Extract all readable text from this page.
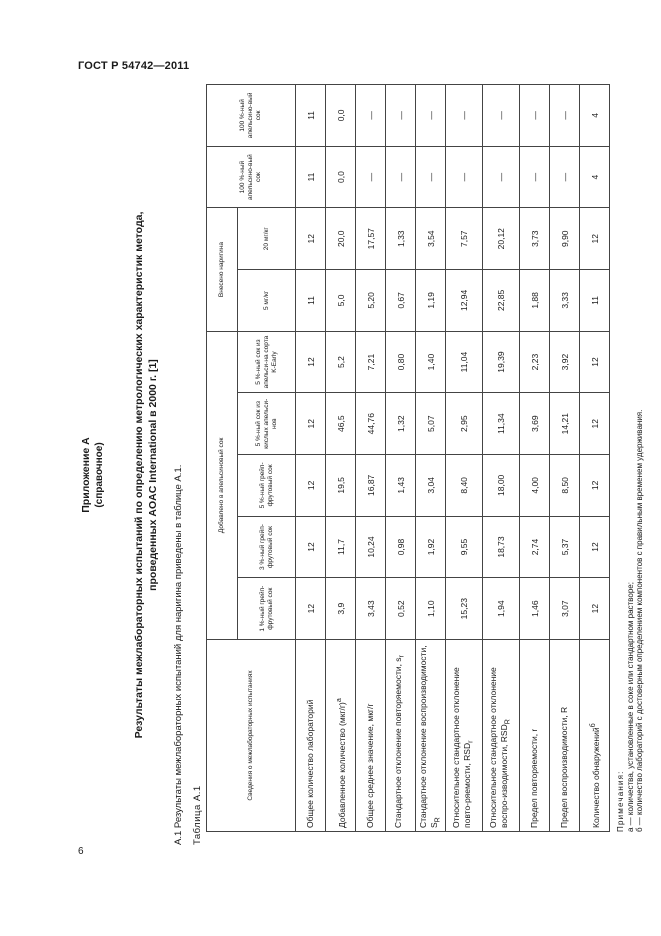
ГОСТ Р 54742—2011
Приложение А (справочное)	Результаты межлабораторных испытаний по определению метрологических характеристик метода, проведенных AOAC International в 2000 г. [1] А.1 Результаты межлабораторных испытаний для наригина приведены в таблице А.1. Таблица А.1
Сведения о межлабораторных испытаниях	Добавлено в апельсиновый сок					Внесено наригина		100 %-ный апельсино-вый сок	100 %-ный апельсино-вый сок
	1 %-ный грейп-фрутовый сок	3 %-ный грейп-фрутовый сок	5 %-ный грейп-фрутовый сок	5 %-ный сок из кислых апельси-нов	5 %-ный сок из апельси-на сорта K-Early	5 мг/кг	20 мг/кг		
Общее количество лабораторий	12	12	12	12	12	11	12	11	11
Добавленное количество $(мкг/г)^а$	3,9	11,7	19,5	46,5	5,2	5,0	20,0	0,0	0,0
Общее среднее значение, мкг/г	3,43	10,24	16,87	44,76	7,21	5,20	17,57	—	—
Стандартное отклонение повторяемости, $s_r$	0,52	0,98	1,43	1,32	0,80	0,67	1,33	—	—
Стандартное отклонение воспроизводимости, $S_R$	1,10	1,92	3,04	5,07	1,40	1,19	3,54	—	—
Относительное стандартное отклонение повто-ряемости, $RSD_r$	15,23	9,55	8,40	2,95	11,04	12,94	7,57	—	—
Относительное стандартное отклонение воспро-изводимости, $RSD_R$	1,94	18,73	18,00	11,34	19,39	22,85	20,12	—	—
Предел повторяемости, r	1,46	2,74	4,00	3,69	2,23	1,88	3,73	—	—
Предел воспроизводимости, R	3,07	5,37	8,50	14,21	3,92	3,33	9,90	—	—
Количество обнаружений$^б$	12	12	12	12	12	11	12	4	4
Примечания: а — количества, установленные в соке или стандартном растворе; б — количество лабораторий с достоверным определением компонентов с правильным временем удерживания.
6
